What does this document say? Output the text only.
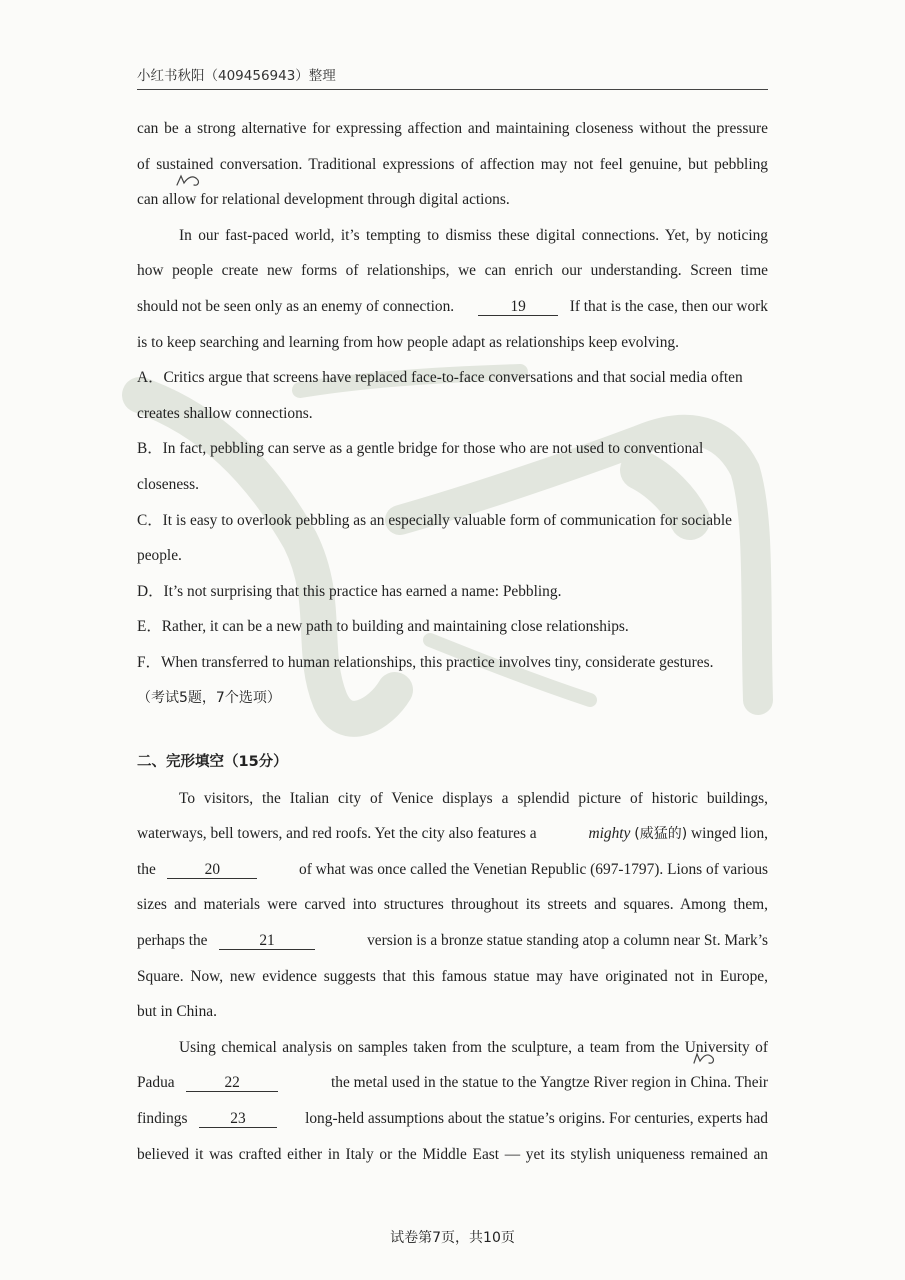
小红书秋阳（409456943）整理
can be a strong alternative for expressing affection and maintaining closeness without the pressure
of sustained conversation. Traditional expressions of affection may not feel genuine, but pebbling
can allow for relational development through digital actions.
In our fast-paced world, it’s tempting to dismiss these digital connections. Yet, by noticing
how people create new forms of relationships, we can enrich our understanding. Screen time
should not be seen only as an enemy of connection.	19	If that is the case, then our work
is to keep searching and learning from how people adapt as relationships keep evolving.
A．Critics argue that screens have replaced face-to-face conversations and that social media often
creates shallow connections.
B．In fact, pebbling can serve as a gentle bridge for those who are not used to conventional
closeness.
C．It is easy to overlook pebbling as an especially valuable form of communication for sociable
people.
D．It’s not surprising that this practice has earned a name: Pebbling.
E．Rather, it can be a new path to building and maintaining close relationships.
F．When transferred to human relationships, this practice involves tiny, considerate gestures.
（考试5题，7个选项）
二、完形填空（15分）
To visitors, the Italian city of Venice displays a splendid picture of historic buildings,
waterways, bell towers, and red roofs. Yet the city also features a	mighty (威猛的) winged lion,
the	20	of what was once called the Venetian Republic (697-1797). Lions of various
sizes and materials were carved into structures throughout its streets and squares. Among them,
perhaps the	21	version is a bronze statue standing atop a column near St. Mark’s
Square. Now, new evidence suggests that this famous statue may have originated not in Europe,
but in China.
Using chemical analysis on samples taken from the sculpture, a team from the University of
Padua	22	the metal used in the statue to the Yangtze River region in China. Their
findings	23	long-held assumptions about the statue’s origins. For centuries, experts had
believed it was crafted either in Italy or the Middle East — yet its stylish uniqueness remained an
试卷第7页，共10页
